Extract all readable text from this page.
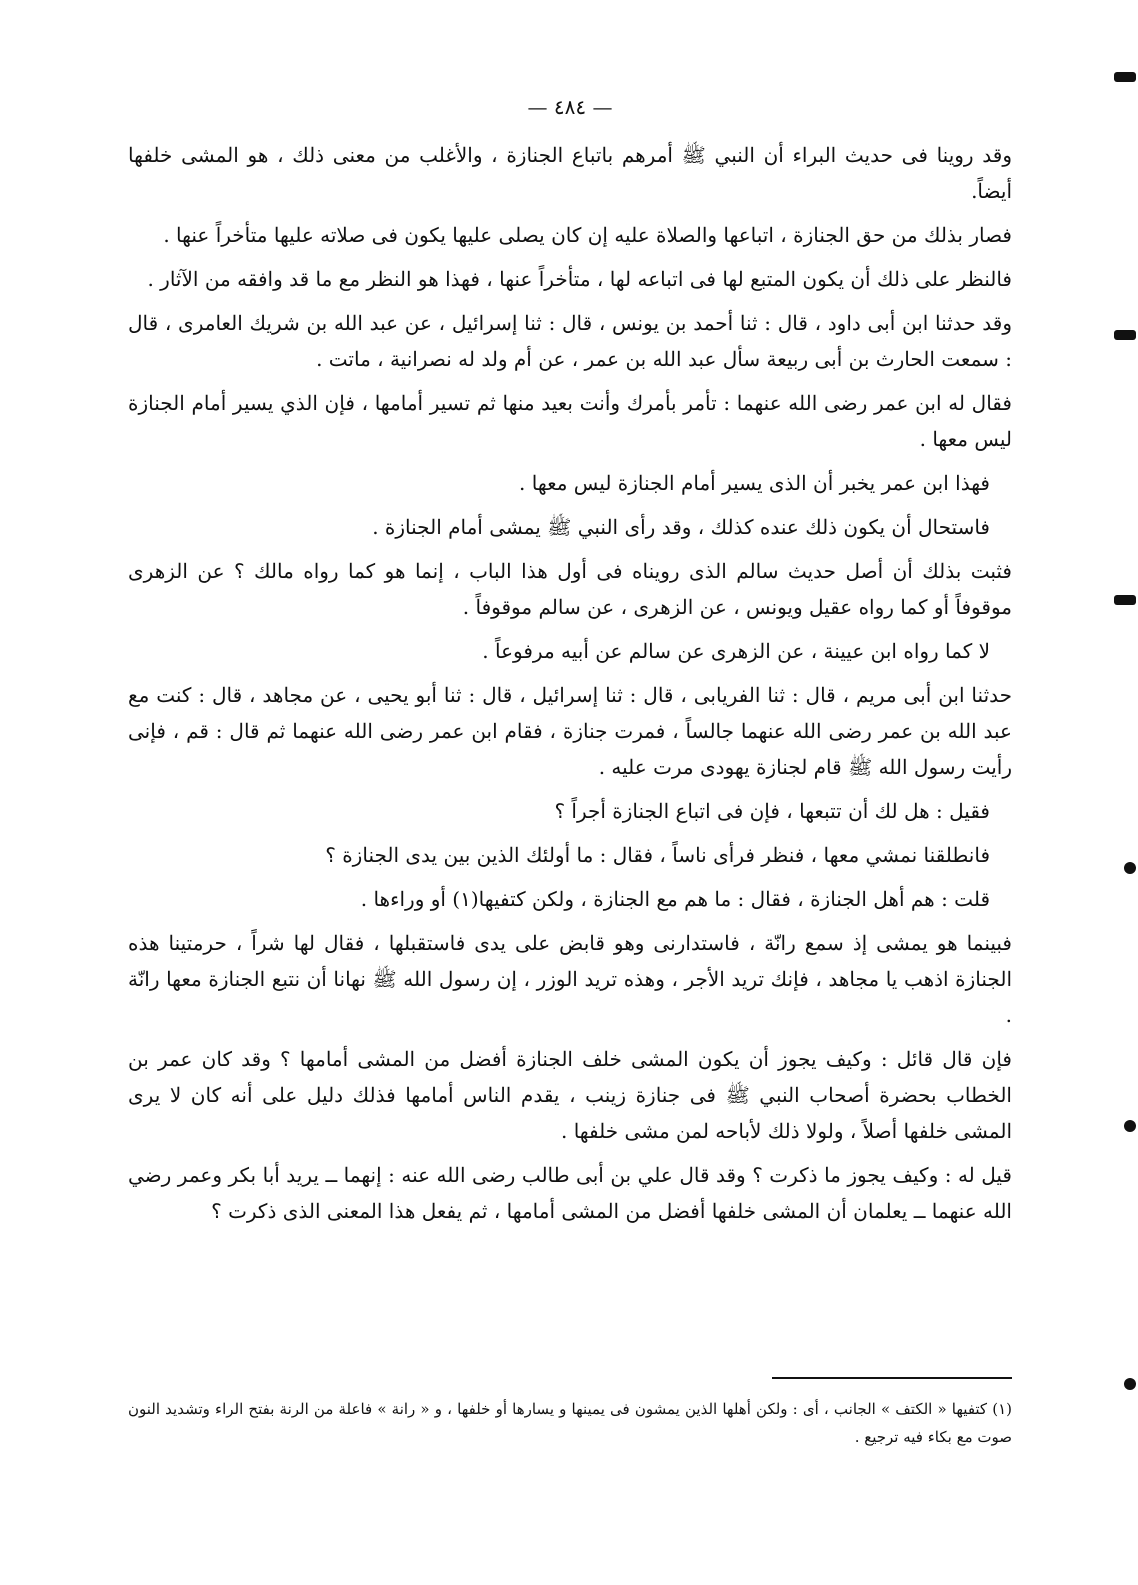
— ٤٨٤ —

وقد روينا فى حديث البراء أن النبي ﷺ أمرهم باتباع الجنازة ، والأغلب من معنى ذلك ، هو المشى خلفها أيضاً.

فصار بذلك من حق الجنازة ، اتباعها والصلاة عليه إن كان يصلى عليها يكون فى صلاته عليها متأخراً عنها .

فالنظر على ذلك أن يكون المتبع لها فى اتباعه لها ، متأخراً عنها ، فهذا هو النظر مع ما قد وافقه من الآثار .

وقد حدثنا ابن أبى داود ، قال : ثنا أحمد بن يونس ، قال : ثنا إسرائيل ، عن عبد الله بن شريك العامرى ، قال : سمعت الحارث بن أبى ربيعة سأل عبد الله بن عمر ، عن أم ولد له نصرانية ، ماتت .

فقال له ابن عمر رضى الله عنهما : تأمر بأمرك وأنت بعيد منها ثم تسير أمامها ، فإن الذي يسير أمام الجنازة ليس معها .

فهذا ابن عمر يخبر أن الذى يسير أمام الجنازة ليس معها .

فاستحال أن يكون ذلك عنده كذلك ، وقد رأى النبي ﷺ يمشى أمام الجنازة .

فثبت بذلك أن أصل حديث سالم الذى رويناه فى أول هذا الباب ، إنما هو كما رواه مالك ؟ عن الزهرى موقوفاً أو كما رواه عقيل ويونس ، عن الزهرى ، عن سالم موقوفاً .

لا كما رواه ابن عيينة ، عن الزهرى عن سالم عن أبيه مرفوعاً .

حدثنا ابن أبى مريم ، قال : ثنا الفريابى ، قال : ثنا إسرائيل ، قال : ثنا أبو يحيى ، عن مجاهد ، قال : كنت مع عبد الله بن عمر رضى الله عنهما جالساً ، فمرت جنازة ، فقام ابن عمر رضى الله عنهما ثم قال : قم ، فإنى رأيت رسول الله ﷺ قام لجنازة يهودى مرت عليه .

فقيل : هل لك أن تتبعها ، فإن فى اتباع الجنازة أجراً ؟

فانطلقنا نمشي معها ، فنظر فرأى ناساً ، فقال : ما أولئك الذين بين يدى الجنازة ؟

قلت : هم أهل الجنازة ، فقال : ما هم مع الجنازة ، ولكن كتفيها(١) أو وراءها .

فبينما هو يمشى إذ سمع رانّة ، فاستدارنى وهو قابض على يدى فاستقبلها ، فقال لها شراً ، حرمتينا هذه الجنازة اذهب يا مجاهد ، فإنك تريد الأجر ، وهذه تريد الوزر ، إن رسول الله ﷺ نهانا أن نتبع الجنازة معها رانّة .

فإن قال قائل : وكيف يجوز أن يكون المشى خلف الجنازة أفضل من المشى أمامها ؟ وقد كان عمر بن الخطاب بحضرة أصحاب النبي ﷺ فى جنازة زينب ، يقدم الناس أمامها فذلك دليل على أنه كان لا يرى المشى خلفها أصلاً ، ولولا ذلك لأباحه لمن مشى خلفها .

قيل له : وكيف يجوز ما ذكرت ؟ وقد قال علي بن أبى طالب رضى الله عنه : إنهما ــ يريد أبا بكر وعمر رضي الله عنهما ــ يعلمان أن المشى خلفها أفضل من المشى أمامها ، ثم يفعل هذا المعنى الذى ذكرت ؟

(١) كتفيها « الكتف » الجانب ، أى : ولكن أهلها الذين يمشون فى يمينها و يسارها أو خلفها ، و « رانة » فاعلة من الرنة بفتح الراء وتشديد النون صوت مع بكاء فيه ترجيع .
